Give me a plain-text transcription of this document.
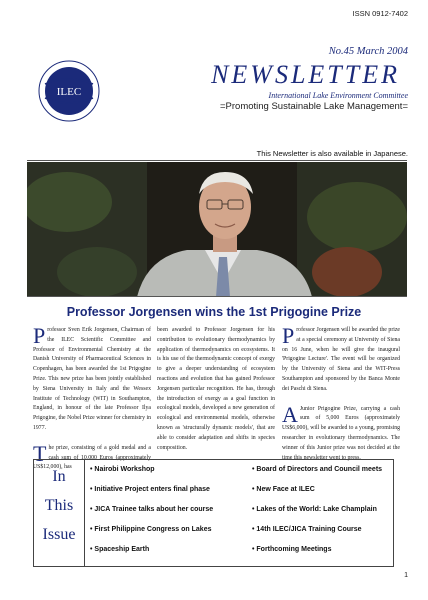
ISSN 0912-7402
No.45 March 2004
ILEC
NEWSLETTER
International Lake Environment Committee
=Promoting Sustainable Lake Management=
This Newsletter is also available in Japanese.
Professor Jorgensen wins the 1st Prigogine Prize

Professor Sven Erik Jorgensen, Chairman of the ILEC Scientific Committee and Professor of Environmental Chemistry at the Danish University of Pharmaceutical Sciences in Copenhagen, has been awarded the 1st Prigogine Prize. This new prize has been jointly established by Siena University in Italy and the Wessex Institute of Technology (WIT) in Southampton, England, in honour of the late Professor Ilya Prigogine, the Nobel Prize winner for chemistry in 1977.

The prize, consisting of a gold medal and a cash sum of 10,000 Euros (approximately US$12,000), has

been awarded to Professor Jorgensen for his contribution to evolutionary thermodynamics by application of thermodynamics on ecosystems. It is his use of the thermodynamic concept of exergy to give a deeper understanding of ecosystem reactions and evolution that has gained Professor Jorgensen particular recognition. He has, through the introduction of exergy as a goal function in ecological models, developed a new generation of ecological and environmental models, otherwise known as 'structurally dynamic models', that are able to consider adaptation and shifts in species composition.

Professor Jorgensen will be awarded the prize at a special ceremony at University of Siena on 16 June, when he will give the inaugural 'Prigogine Lecture'. The event will be organized by the University of Siena and the WIT-Press Southampton and sponsored by the Banca Monte dei Paschi di Siena.

A Junior Prigogine Prize, carrying a cash sum of 5,000 Euros (approximately US$6,000), will be awarded to a young, promising researcher in evolutionary thermodynamics. The winner of this Junior prize was not decided at the time this newsletter went to press.

In
This
Issue
• Nairobi Workshop
• Initiative Project enters final phase
• JICA Trainee talks about her course
• First Philippine Congress on Lakes
• Spaceship Earth
• Board of Directors and Council meets
• New Face at ILEC
• Lakes of the World: Lake Champlain
• 14th ILEC/JICA Training Course
• Forthcoming Meetings
1
